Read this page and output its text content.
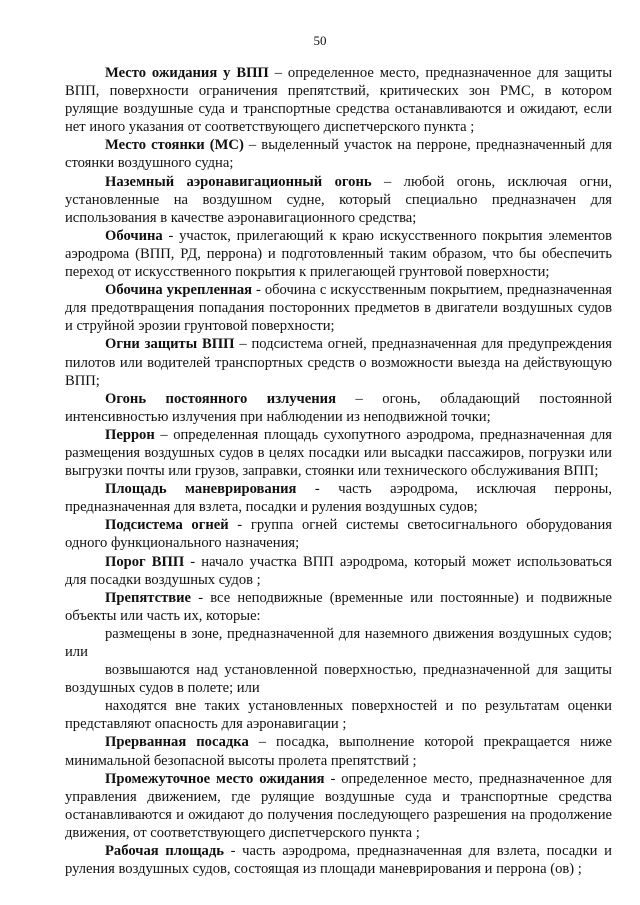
50

Место ожидания у ВПП – определенное место, предназначенное для защиты ВПП, поверхности ограничения препятствий, критических зон РМС, в котором рулящие воздушные суда и транспортные средства останавливаются и ожидают, если нет иного указания от соответствующего диспетчерского пункта ;

Место стоянки (МС) – выделенный участок на перроне, предназначенный для стоянки воздушного судна;

Наземный аэронавигационный огонь – любой огонь, исключая огни, установленные на воздушном судне, который специально предназначен для использования в качестве аэронавигационного средства;

Обочина - участок, прилегающий к краю искусственного покрытия элементов аэродрома (ВПП, РД, перрона) и подготовленный таким образом, что бы обеспечить переход от искусственного покрытия к прилегающей грунтовой поверхности;

Обочина укрепленная - обочина с искусственным покрытием, предназначенная для предотвращения попадания посторонних предметов в двигатели воздушных судов и струйной эрозии грунтовой поверхности;

Огни защиты ВПП – подсистема огней, предназначенная для предупреждения пилотов или водителей транспортных средств о возможности выезда на действующую ВПП;

Огонь постоянного излучения – огонь, обладающий постоянной интенсивностью излучения при наблюдении из неподвижной точки;

Перрон – определенная площадь сухопутного аэродрома, предназначенная для размещения воздушных судов в целях посадки или высадки пассажиров, погрузки или выгрузки почты или грузов, заправки, стоянки или технического обслуживания ВПП;

Площадь маневрирования - часть аэродрома, исключая перроны, предназначенная для взлета, посадки и руления воздушных судов;

Подсистема огней - группа огней системы светосигнального оборудования одного функционального назначения;

Порог ВПП - начало участка ВПП аэродрома, который может использоваться для посадки воздушных судов ;

Препятствие - все неподвижные (временные или постоянные) и подвижные объекты или часть их, которые:

размещены в зоне, предназначенной для наземного движения воздушных судов; или

возвышаются над установленной поверхностью, предназначенной для защиты воздушных судов в полете; или

находятся вне таких установленных поверхностей и по результатам оценки представляют опасность для аэронавигации ;

Прерванная посадка – посадка, выполнение которой прекращается ниже минимальной безопасной высоты пролета препятствий ;

Промежуточное место ожидания - определенное место, предназначенное для управления движением, где рулящие воздушные суда и транспортные средства останавливаются и ожидают до получения последующего разрешения на продолжение движения, от соответствующего диспетчерского пункта ;

Рабочая площадь - часть аэродрома, предназначенная для взлета, посадки и руления воздушных судов, состоящая из площади маневрирования и перрона (ов) ;
